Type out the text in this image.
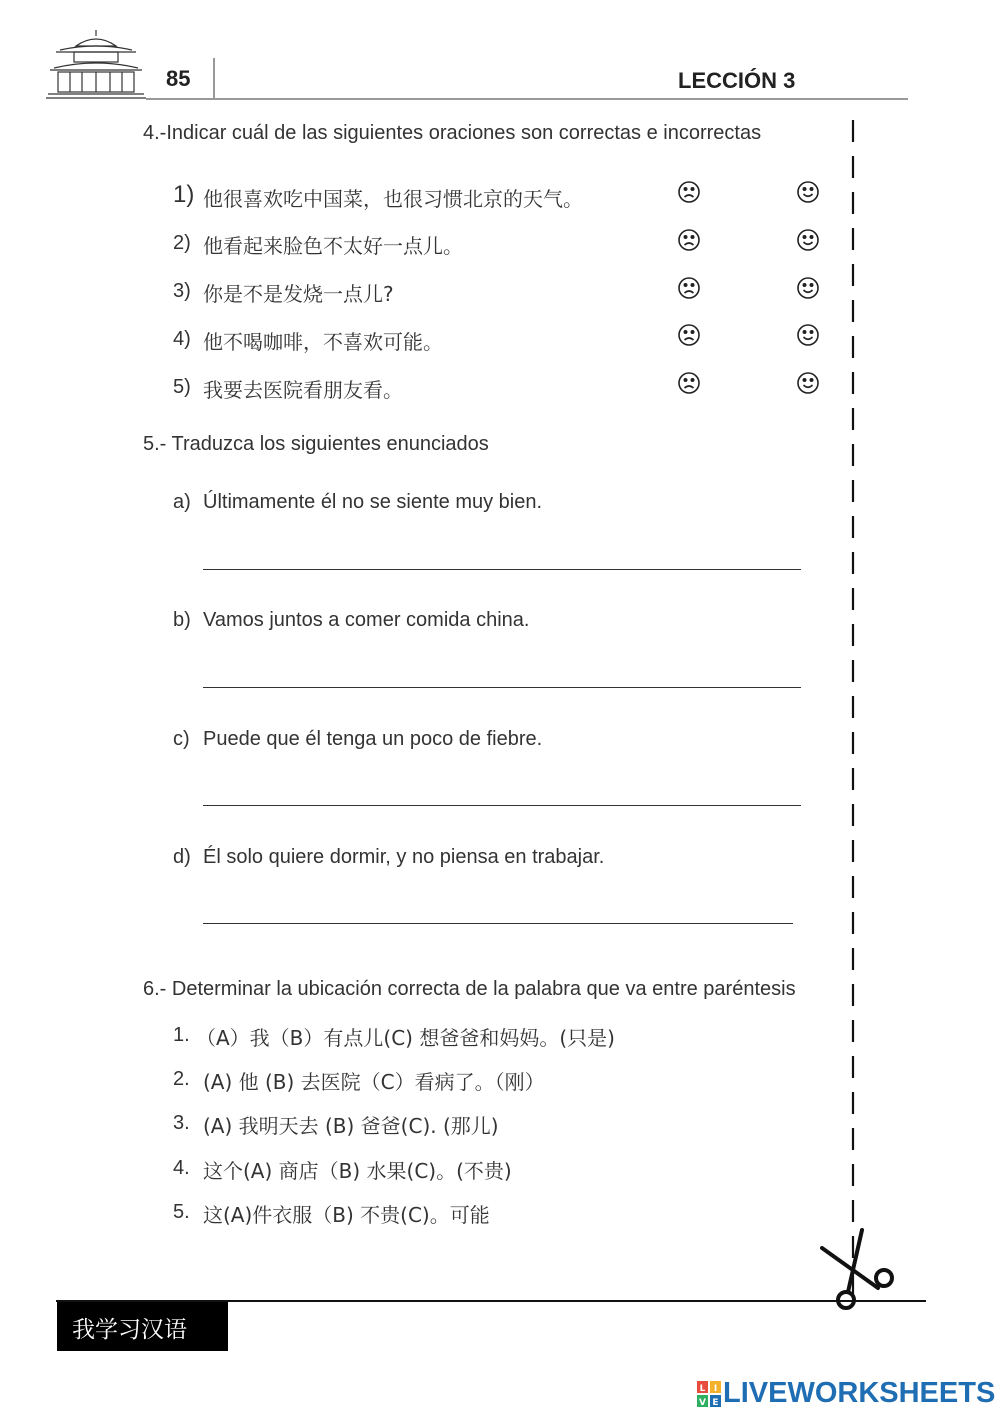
85	LECCIÓN 3
4.-Indicar cuál de las siguientes oraciones son correctas e incorrectas
1) 他很喜欢吃中国菜，也很习惯北京的天气。
2) 他看起来脸色不太好一点儿。
3) 你是不是发烧一点儿?
4) 他不喝咖啡，不喜欢可能。
5) 我要去医院看朋友看。
5.- Traduzca los siguientes enunciados
a) Últimamente él no se siente muy bien.
b) Vamos juntos a comer comida china.
c) Puede que él tenga un poco de fiebre.
d) Él solo quiere dormir, y no piensa en trabajar.
6.- Determinar la ubicación correcta de la palabra que va entre paréntesis
1. （A）我（B）有点儿(C) 想爸爸和妈妈。(只是)
2. (A) 他 (B) 去医院（C）看病了。（刚）
3. (A) 我明天去 (B) 爸爸(C). (那儿)
4. 这个(A) 商店（B) 水果(C)。(不贵)
5. 这(A)件衣服（B) 不贵(C)。可能
我学习汉语
L I
V E LIVEWORKSHEETS
